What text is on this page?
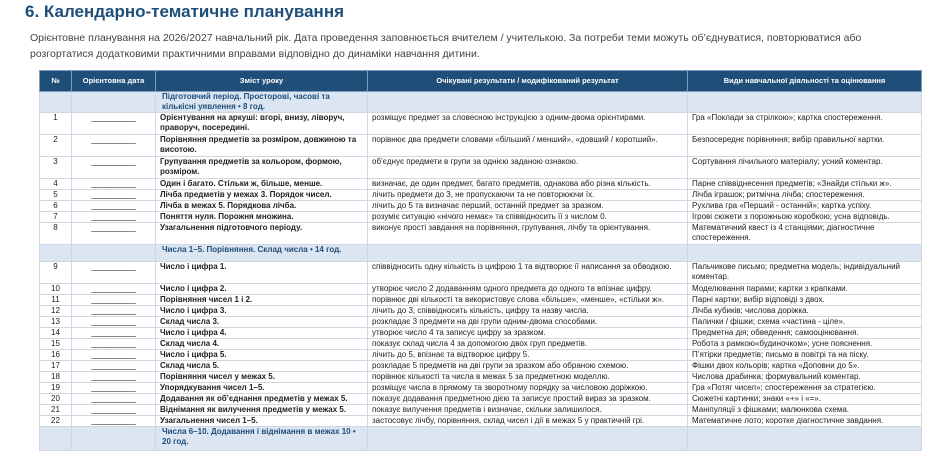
6. Календарно-тематичне планування
Орієнтовне планування на 2026/2027 навчальний рік. Дата проведення заповнюється вчителем / учителькою. За потреби теми можуть об’єднуватися, повторюватися або розгортатися додатковими практичними вправами відповідно до динаміки навчання дитини.
№	Орієнтовна дата	Зміст уроку	Очікувані результати / модифікований результат	Види навчальної діяльності та оцінювання
		Підготовчий період. Просторові, часові та кількісні уявлення • 8 год.		
1	__________	Орієнтування на аркуші: вгорі, внизу, ліворуч, праворуч, посередині.	розміщує предмет за словесною інструкцією з одним-двома орієнтирами.	Гра «Поклади за стрілкою»; картка спостереження.
2	__________	Порівняння предметів за розміром, довжиною та висотою.	порівнює два предмети словами «більший / менший», «довший / коротший».	Безпосереднє порівняння; вибір правильної картки.
3	__________	Групування предметів за кольором, формою, розміром.	об’єднує предмети в групи за однією заданою ознакою.	Сортування лічильного матеріалу; усний коментар.
4	__________	Один і багато. Стільки ж, більше, менше.	визначає, де один предмет, багато предметів, однакова або різна кількість.	Парне співвіднесення предметів; «Знайди стільки ж».
5	__________	Лічба предметів у межах 3. Порядок чисел.	лічить предмети до 3, не пропускаючи та не повторюючи їх.	Лічба іграшок; ритмічна лічба; спостереження.
6	__________	Лічба в межах 5. Порядкова лічба.	лічить до 5 та визначає перший, останній предмет за зразком.	Рухлива гра «Перший - останній»; картка успіху.
7	__________	Поняття нуля. Порожня множина.	розуміє ситуацію «нічого немає» та співвідносить її з числом 0.	Ігрові сюжети з порожньою коробкою; усна відповідь.
8	__________	Узагальнення підготовчого періоду.	виконує прості завдання на порівняння, групування, лічбу та орієнтування.	Математичний квест із 4 станціями; діагностичне спостереження.
		Числа 1–5. Порівняння. Склад числа • 14 год.		
9	__________	Число і цифра 1.	співвідносить одну кількість із цифрою 1 та відтворює її написання за обводкою.	Пальчикове письмо; предметна модель; індивідуальний коментар.
10	__________	Число і цифра 2.	утворює число 2 додаванням одного предмета до одного та впізнає цифру.	Моделювання парами; картки з крапками.
11	__________	Порівняння чисел 1 і 2.	порівнює дві кількості та використовує слова «більше», «менше», «стільки ж».	Парні картки; вибір відповіді з двох.
12	__________	Число і цифра 3.	лічить до 3, співвідносить кількість, цифру та назву числа.	Лічба кубиків; числова доріжка.
13	__________	Склад числа 3.	розкладає 3 предмети на дві групи одним-двома способами.	Палички / фішки; схема «частина - ціле».
14	__________	Число і цифра 4.	утворює число 4 та записує цифру за зразком.	Предметна дія; обведення; самооцінювання.
15	__________	Склад числа 4.	показує склад числа 4 за допомогою двох груп предметів.	Робота з рамкою«будиночком»; усне пояснення.
16	__________	Число і цифра 5.	лічить до 5, впізнає та відтворює цифру 5.	П’ятірки предметів; письмо в повітрі та на піску.
17	__________	Склад числа 5.	розкладає 5 предметів на дві групи за зразком або обраною схемою.	Фішки двох кольорів; картка «Доповни до 5».
18	__________	Порівняння чисел у межах 5.	порівнює кількості та числа в межах 5 за предметною моделлю.	Числова драбинка; формувальний коментар.
19	__________	Упорядкування чисел 1–5.	розміщує числа в прямому та зворотному порядку за числовою доріжкою.	Гра «Потяг чисел»; спостереження за стратегією.
20	__________	Додавання як об’єднання предметів у межах 5.	показує додавання предметною дією та записує простий вираз за зразком.	Сюжетні картинки; знаки «+» і «=».
21	__________	Віднімання як вилучення предметів у межах 5.	показує вилучення предметів і визначає, скільки залишилося.	Маніпуляції з фішками; малюнкова схема.
22	__________	Узагальнення чисел 1–5.	застосовує лічбу, порівняння, склад чисел і дії в межах 5 у практичній грі.	Математичне лото; коротке діагностичне завдання.
		Числа 6–10. Додавання і віднімання в межах 10 • 20 год.		
